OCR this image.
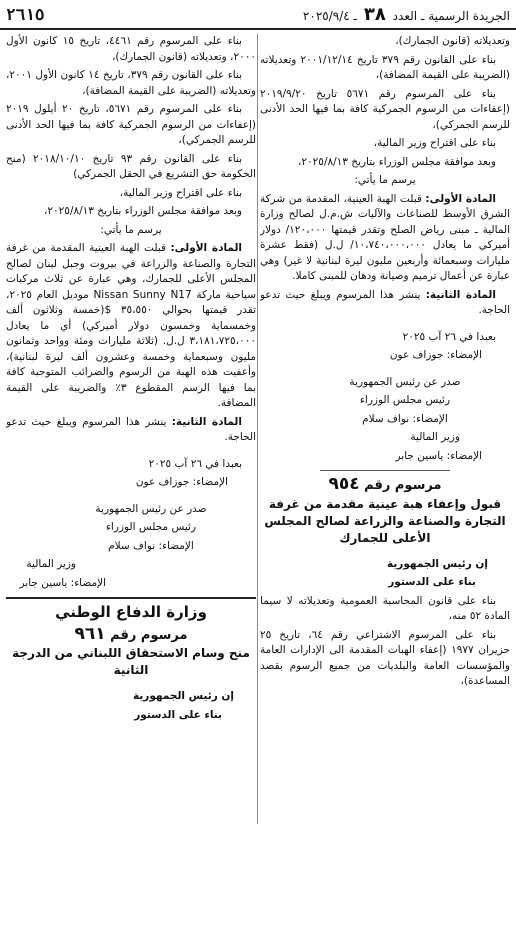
الجريدة الرسمية ـ العدد ٣٨ ـ ٢٠٢٥/٩/٤
٢٦١٥

وتعديلاته (قانون الجمارك)،

بناء على القانون رقم ٣٧٩ تاريخ ٢٠٠١/١٢/١٤ وتعديلاته (الضريبة على القيمة المضافة)،

بناء على المرسوم رقم ٥٦٧١ تاريخ ٢٠١٩/٩/٢٠ (إعفاءات من الرسوم الجمركية كافة بما فيها الحد الأدنى للرسم الجمركي)،

بناء على اقتراح وزير المالية،

وبعد موافقة مجلس الوزراء بتاريخ ٢٠٢٥/٨/١٣،

يرسم ما يأتي:

المادة الأولى: قبلت الهبة العينية، المقدمة من شركة الشرق الأوسط للصناعات والآليات ش.م.ل لصالح وزارة المالية ـ مبنى رياض الصلح وتقدر قيمتها ١٢٠،٠٠٠/ دولار أميركي ما يعادل ١٠،٧٤٠،٠٠٠،٠٠٠/ ل.ل (فقط عشرة مليارات وسبعمائة وأربعين مليون ليرة لبنانية لا غير) وهي عبارة عن أعمال ترميم وصيانة ودهان للمبنى كاملا.

المادة الثانية: ينشر هذا المرسوم ويبلغ حيث تدعو الحاجة.

بعبدا في ٢٦ آب ٢٠٢٥

الإمضاء: جوزاف عون

صدر عن رئيس الجمهورية

رئيس مجلس الوزراء

الإمضاء: نواف سلام

وزير المالية

الإمضاء: ياسين جابر

مرسوم رقم ٩٥٤
قبول وإعفاء هبة عينية مقدمة من غرفة التجارة والصناعة والزراعة لصالح المجلس الأعلى للجمارك

إن رئيس الجمهورية

بناء على الدستور

بناء على قانون المحاسبة العمومية وتعديلاته لا سيما المادة ٥٢ منه،

بناء على المرسوم الاشتراعي رقم ٦٤، تاريخ ٢٥ حزيران ١٩٧٧ (إعفاء الهبات المقدمة الى الإدارات العامة والمؤسسات العامة والبلديات من جميع الرسوم بقصد المساعدة)،

بناء على المرسوم رقم ٤٤٦١، تاريخ ١٥ كانون الأول ٢٠٠٠، وتعديلاته (قانون الجمارك)،

بناء على القانون رقم ٣٧٩، تاريخ ١٤ كانون الأول ٢٠٠١، وتعديلاته (الضريبة على القيمة المضافة)،

بناء على المرسوم رقم ٥٦٧١، تاريخ ٢٠ أيلول ٢٠١٩ (إعفاءات من الرسوم الجمركية كافة بما فيها الحد الأدنى للرسم الجمركي)،

بناء على القانون رقم ٩٣ تاريخ ٢٠١٨/١٠/١٠ (منح الحكومة حق التشريع في الحقل الجمركي)

بناء على اقتراح وزير المالية،

وبعد موافقة مجلس الوزراء بتاريخ ٢٠٢٥/٨/١٣،

يرسم ما يأتي:

المادة الأولى: قبلت الهبة العينية المقدمة من غرفة التجارة والصناعة والزراعة في بيروت وجبل لبنان لصالح المجلس الأعلى للجمارك، وهي عبارة عن ثلاث مركبات سياحية ماركة Nissan Sunny N17 موديل العام ٢٠٢٥، تقدر قيمتها بحوالي ٣٥،٥٥٠ $(خمسة وثلاثون ألف وخمسماية وخمسون دولار أميركي) أي ما يعادل ٣،١٨١،٧٢٥،٠٠٠ ل.ل. (ثلاثة مليارات ومئة وواحد وثمانون مليون وسبعماية وخمسة وعشرون ألف ليرة لبنانية)، وأعفيت هذه الهبة من الرسوم والضرائب المتوجبة كافة بما فيها الرسم المقطوع ٣٪ والضريبة على القيمة المضافة.

المادة الثانية: ينشر هذا المرسوم ويبلغ حيث تدعو الحاجة.

بعبدا في ٢٦ آب ٢٠٢٥

الإمضاء: جوزاف عون

صدر عن رئيس الجمهورية

رئيس مجلس الوزراء

الإمضاء: نواف سلام

وزير المالية

الإمضاء: ياسين جابر

وزارة الدفاع الوطني
مرسوم رقم ٩٦١
منح وسام الاستحقاق اللبناني من الدرجة الثانية

إن رئيس الجمهورية

بناء على الدستور
